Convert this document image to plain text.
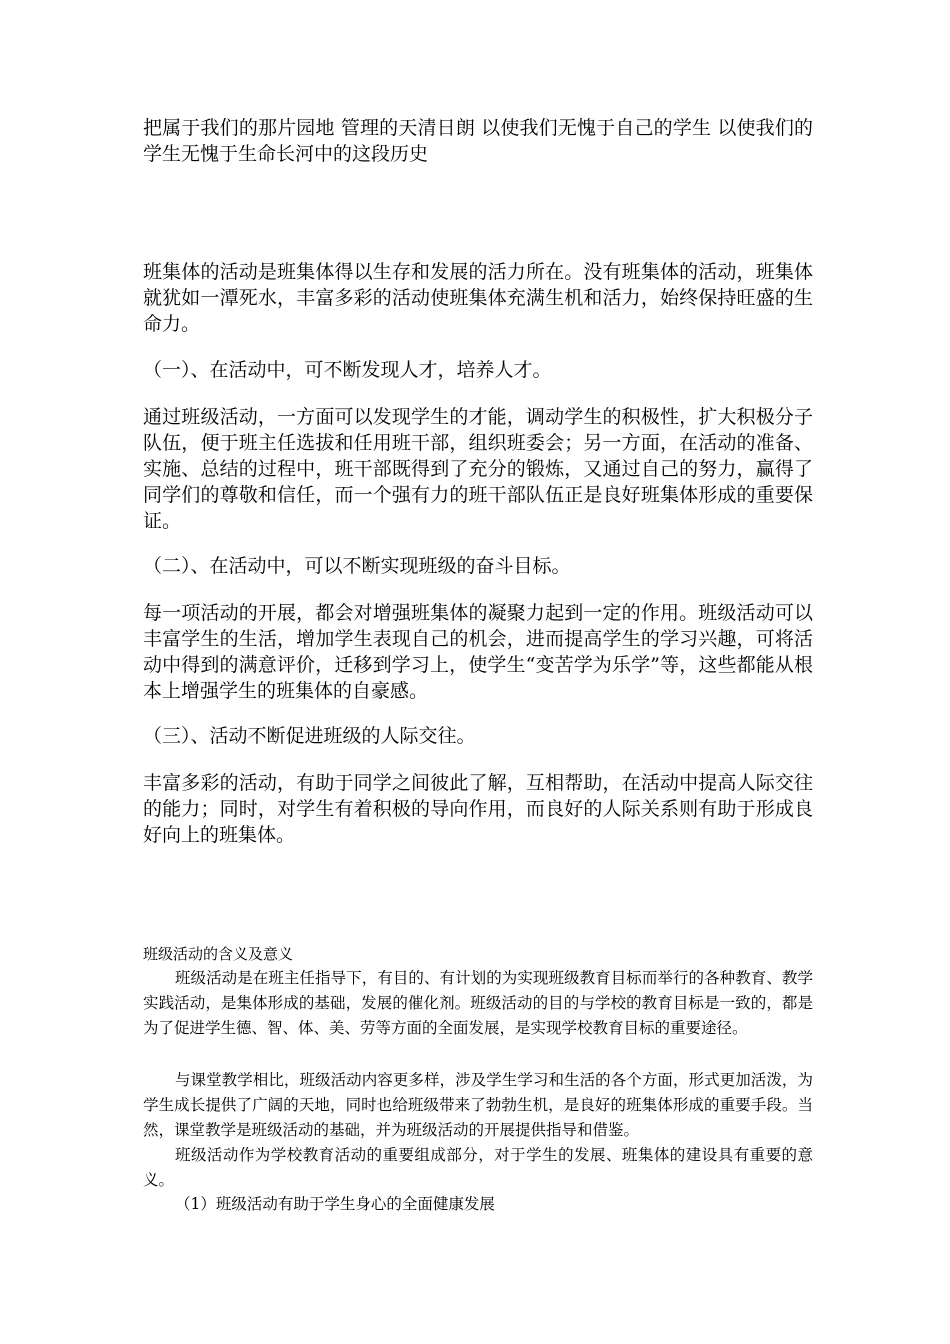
把属于我们的那片园地 管理的天清日朗 以使我们无愧于自己的学生 以使我们的学生无愧于生命长河中的这段历史

班集体的活动是班集体得以生存和发展的活力所在。没有班集体的活动，班集体就犹如一潭死水，丰富多彩的活动使班集体充满生机和活力，始终保持旺盛的生命力。

（一）、在活动中，可不断发现人才，培养人才。

通过班级活动，一方面可以发现学生的才能，调动学生的积极性，扩大积极分子队伍，便于班主任选拔和任用班干部，组织班委会；另一方面，在活动的准备、实施、总结的过程中，班干部既得到了充分的锻炼，又通过自己的努力，赢得了同学们的尊敬和信任，而一个强有力的班干部队伍正是良好班集体形成的重要保证。

（二）、在活动中，可以不断实现班级的奋斗目标。

每一项活动的开展，都会对增强班集体的凝聚力起到一定的作用。班级活动可以丰富学生的生活，增加学生表现自己的机会，进而提高学生的学习兴趣，可将活动中得到的满意评价，迁移到学习上，使学生“变苦学为乐学”等，这些都能从根本上增强学生的班集体的自豪感。

（三）、活动不断促进班级的人际交往。

丰富多彩的活动，有助于同学之间彼此了解，互相帮助，在活动中提高人际交往的能力；同时，对学生有着积极的导向作用，而良好的人际关系则有助于形成良好向上的班集体。

班级活动的含义及意义

班级活动是在班主任指导下，有目的、有计划的为实现班级教育目标而举行的各种教育、教学实践活动，是集体形成的基础，发展的催化剂。班级活动的目的与学校的教育目标是一致的，都是为了促进学生德、智、体、美、劳等方面的全面发展，是实现学校教育目标的重要途径。

与课堂教学相比，班级活动内容更多样，涉及学生学习和生活的各个方面，形式更加活泼，为学生成长提供了广阔的天地，同时也给班级带来了勃勃生机，是良好的班集体形成的重要手段。当然，课堂教学是班级活动的基础，并为班级活动的开展提供指导和借鉴。

班级活动作为学校教育活动的重要组成部分，对于学生的发展、班集体的建设具有重要的意义。

（1）班级活动有助于学生身心的全面健康发展
